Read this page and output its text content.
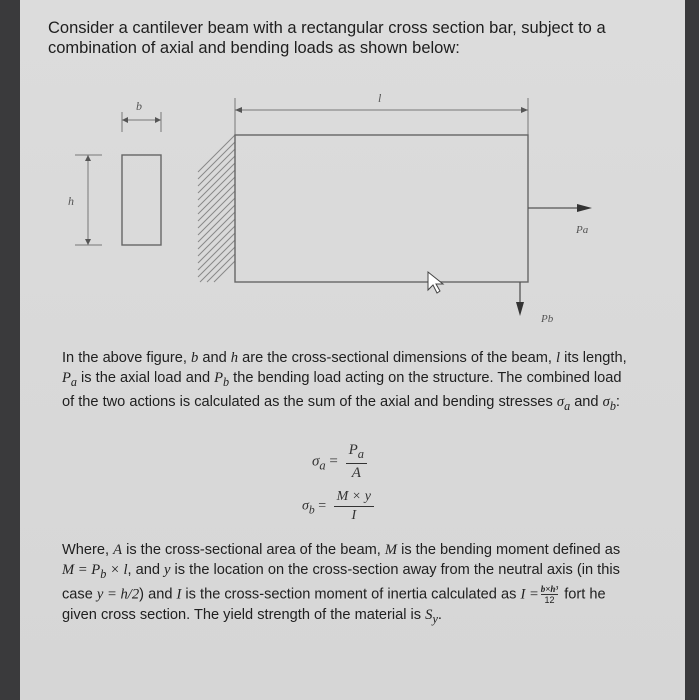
Consider a cantilever beam with a rectangular cross section bar, subject to a combination of axial and bending loads as shown below:
b
h
l
Pa
Pb
In the above figure, b and h are the cross-sectional dimensions of the beam, l its length, $P_a$ is the axial load and $P_b$ the bending load acting on the structure. The combined load of the two actions is calculated as the sum of the axial and bending stresses $\sigma_a$ and $\sigma_b$:
$\sigma_a = \frac{P_a}{A}$
$\sigma_b = \frac{M \times y}{I}$
Where, A is the cross-sectional area of the beam, M is the bending moment defined as $M = P_b \times l$, and y is the location on the cross-section away from the neutral axis (in this case y = h/2) and I is the cross-section moment of inertia calculated as $I = \frac{\text{b×h³}}{12}$ fort he given cross section. The yield strength of the material is $S_y$.
